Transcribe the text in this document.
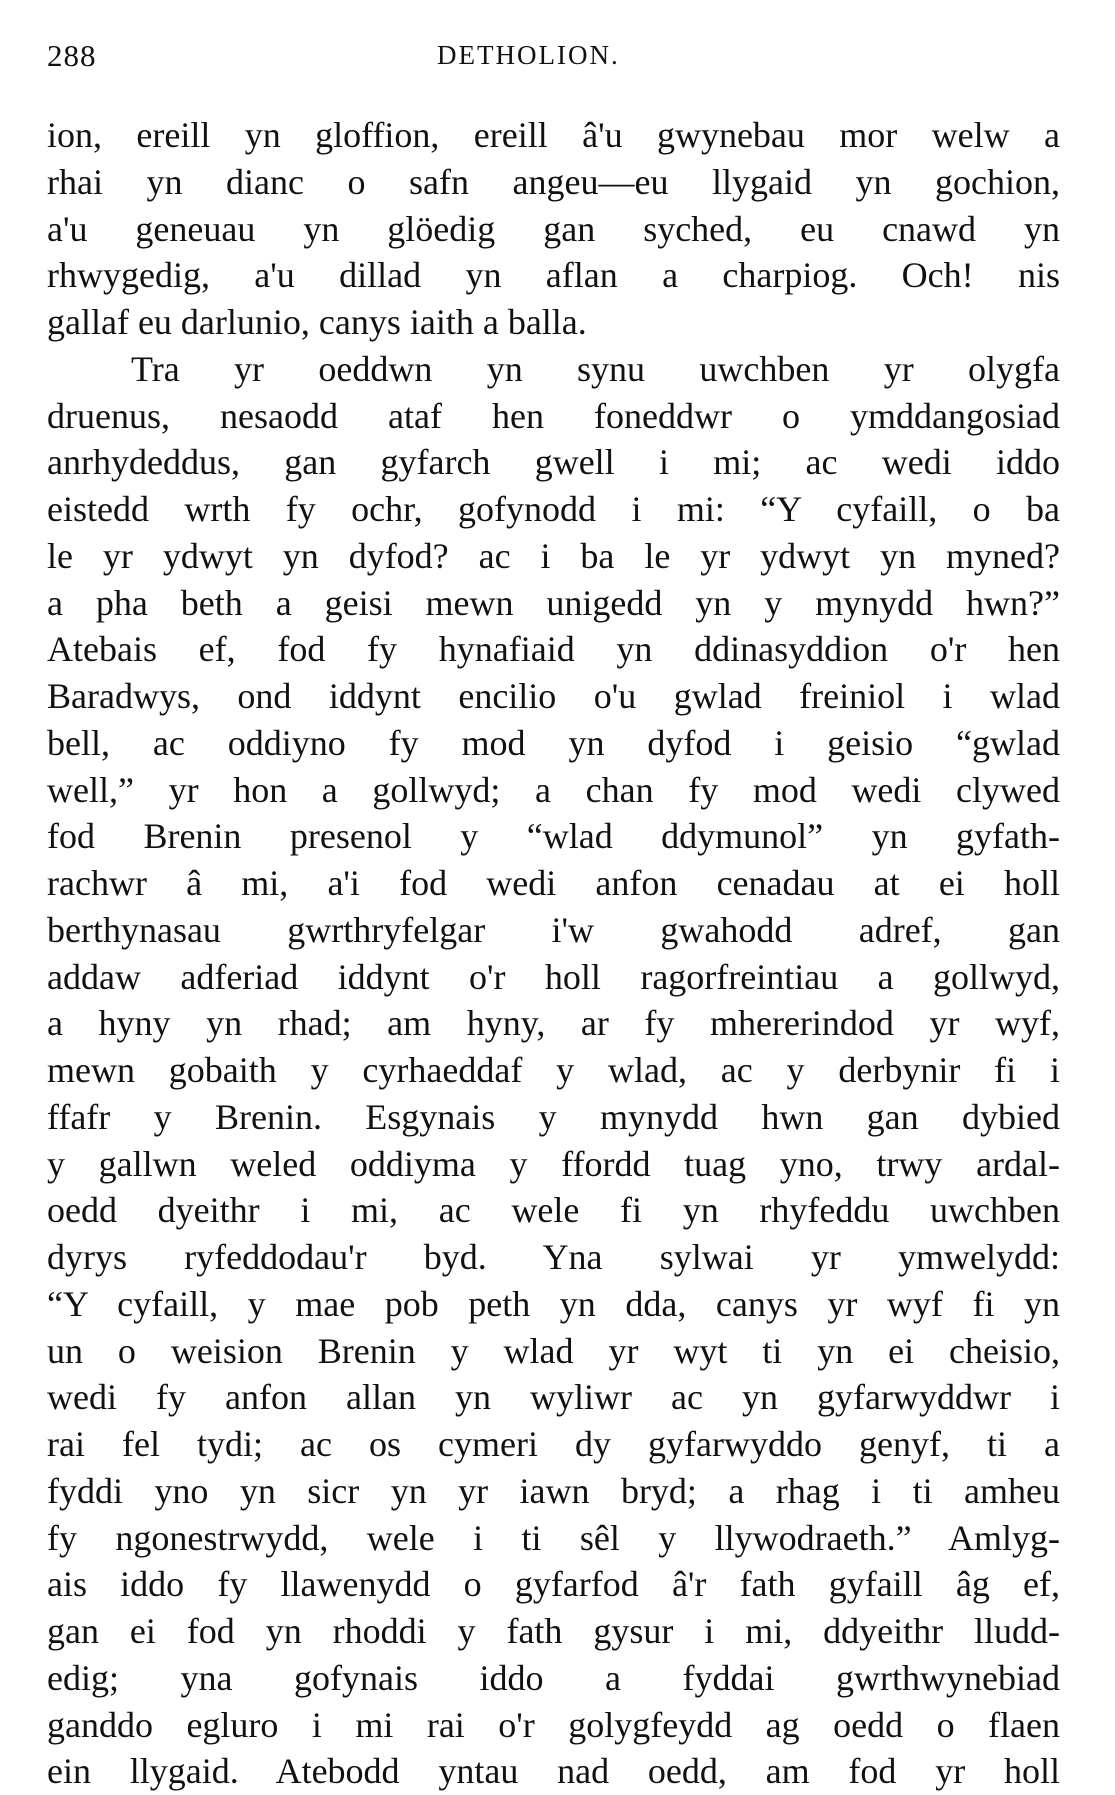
288	DETHOLION.
ion, ereill yn gloffion, ereill â'u gwynebau mor welw a
rhai yn dianc o safn angeu—eu llygaid yn gochion,
a'u geneuau yn glöedig gan syched, eu cnawd yn
rhwygedig, a'u dillad yn aflan a charpiog. Och! nis
gallaf eu darlunio, canys iaith a balla.
Tra yr oeddwn yn synu uwchben yr olygfa
druenus, nesaodd ataf hen foneddwr o ymddangosiad
anrhydeddus, gan gyfarch gwell i mi; ac wedi iddo
eistedd wrth fy ochr, gofynodd i mi: “Y cyfaill, o ba
le yr ydwyt yn dyfod? ac i ba le yr ydwyt yn myned?
a pha beth a geisi mewn unigedd yn y mynydd hwn?”
Atebais ef, fod fy hynafiaid yn ddinasyddion o'r hen
Baradwys, ond iddynt encilio o'u gwlad freiniol i wlad
bell, ac oddiyno fy mod yn dyfod i geisio “gwlad
well,” yr hon a gollwyd; a chan fy mod wedi clywed
fod Brenin presenol y “wlad ddymunol” yn gyfath-
rachwr â mi, a'i fod wedi anfon cenadau at ei holl
berthynasau gwrthryfelgar i'w gwahodd adref, gan
addaw adferiad iddynt o'r holl ragorfreintiau a gollwyd,
a hyny yn rhad; am hyny, ar fy mhererindod yr wyf,
mewn gobaith y cyrhaeddaf y wlad, ac y derbynir fi i
ffafr y Brenin. Esgynais y mynydd hwn gan dybied
y gallwn weled oddiyma y ffordd tuag yno, trwy ardal-
oedd dyeithr i mi, ac wele fi yn rhyfeddu uwchben
dyrys ryfeddodau'r byd. Yna sylwai yr ymwelydd:
“Y cyfaill, y mae pob peth yn dda, canys yr wyf fi yn
un o weision Brenin y wlad yr wyt ti yn ei cheisio,
wedi fy anfon allan yn wyliwr ac yn gyfarwyddwr i
rai fel tydi; ac os cymeri dy gyfarwyddo genyf, ti a
fyddi yno yn sicr yn yr iawn bryd; a rhag i ti amheu
fy ngonestrwydd, wele i ti sêl y llywodraeth.” Amlyg-
ais iddo fy llawenydd o gyfarfod â'r fath gyfaill âg ef,
gan ei fod yn rhoddi y fath gysur i mi, ddyeithr lludd-
edig; yna gofynais iddo a fyddai gwrthwynebiad
ganddo egluro i mi rai o'r golygfeydd ag oedd o flaen
ein llygaid. Atebodd yntau nad oedd, am fod yr holl
